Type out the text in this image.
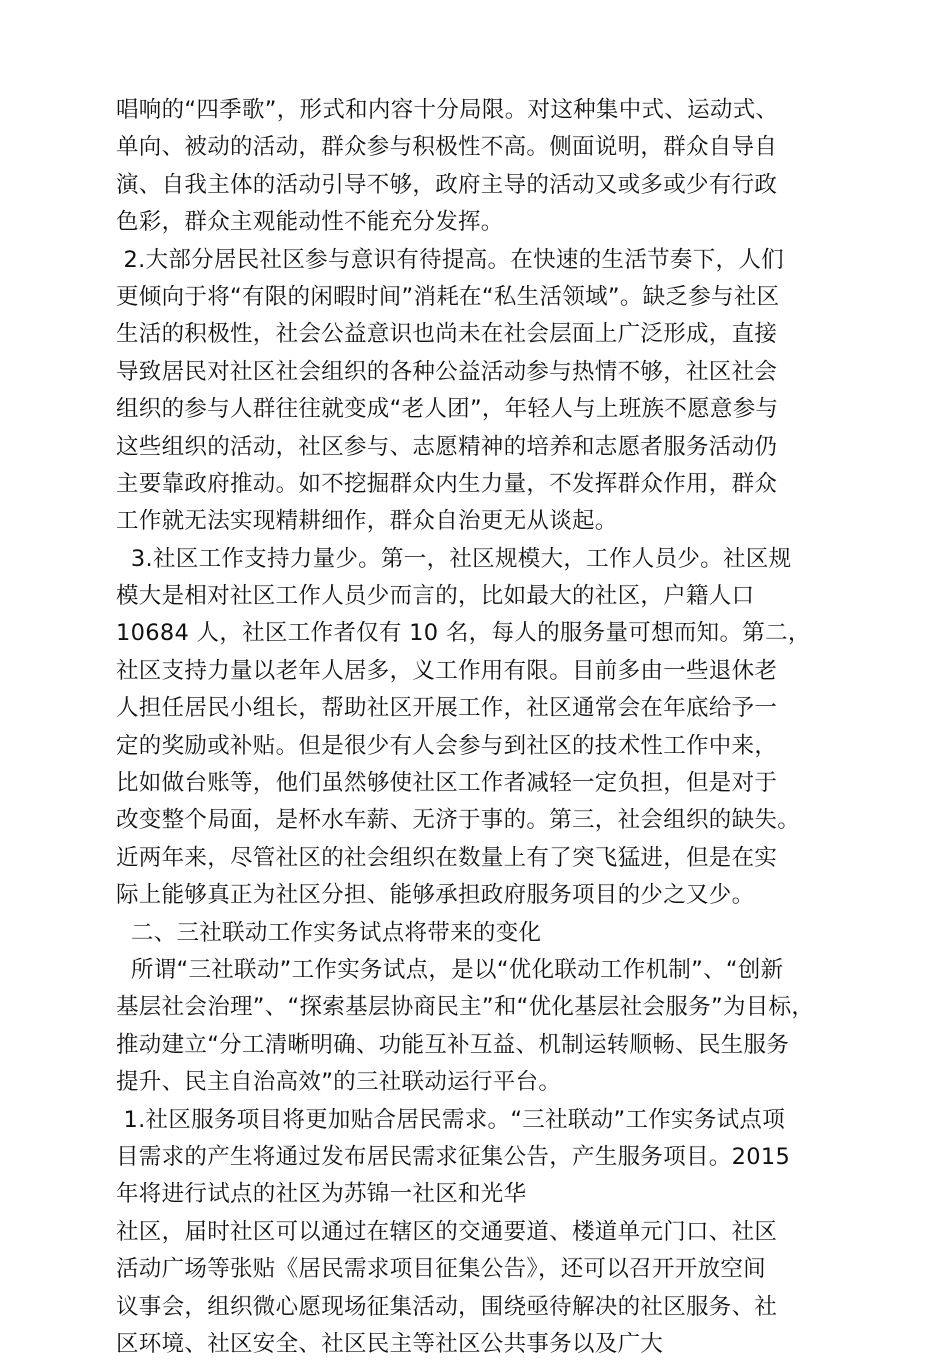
唱响的“四季歌”，形式和内容十分局限。对这种集中式、运动式、
单向、被动的活动，群众参与积极性不高。侧面说明，群众自导自
演、自我主体的活动引导不够，政府主导的活动又或多或少有行政
色彩，群众主观能动性不能充分发挥。
2.大部分居民社区参与意识有待提高。在快速的生活节奏下，人们
更倾向于将“有限的闲暇时间”消耗在“私生活领域”。缺乏参与社区
生活的积极性，社会公益意识也尚未在社会层面上广泛形成，直接
导致居民对社区社会组织的各种公益活动参与热情不够，社区社会
组织的参与人群往往就变成“老人团”，年轻人与上班族不愿意参与
这些组织的活动，社区参与、志愿精神的培养和志愿者服务活动仍
主要靠政府推动。如不挖掘群众内生力量，不发挥群众作用，群众
工作就无法实现精耕细作，群众自治更无从谈起。
3.社区工作支持力量少。第一，社区规模大，工作人员少。社区规
模大是相对社区工作人员少而言的，比如最大的社区，户籍人口
10684 人，社区工作者仅有 10 名，每人的服务量可想而知。第二，
社区支持力量以老年人居多，义工作用有限。目前多由一些退休老
人担任居民小组长，帮助社区开展工作，社区通常会在年底给予一
定的奖励或补贴。但是很少有人会参与到社区的技术性工作中来，
比如做台账等，他们虽然够使社区工作者减轻一定负担，但是对于
改变整个局面，是杯水车薪、无济于事的。第三，社会组织的缺失。
近两年来，尽管社区的社会组织在数量上有了突飞猛进，但是在实
际上能够真正为社区分担、能够承担政府服务项目的少之又少。
二、三社联动工作实务试点将带来的变化
所谓“三社联动”工作实务试点，是以“优化联动工作机制”、“创新
基层社会治理”、“探索基层协商民主”和“优化基层社会服务”为目标，
推动建立“分工清晰明确、功能互补互益、机制运转顺畅、民生服务
提升、民主自治高效”的三社联动运行平台。
1.社区服务项目将更加贴合居民需求。“三社联动”工作实务试点项
目需求的产生将通过发布居民需求征集公告，产生服务项目。2015
年将进行试点的社区为苏锦一社区和光华
社区，届时社区可以通过在辖区的交通要道、楼道单元门口、社区
活动广场等张贴《居民需求项目征集公告》，还可以召开开放空间
议事会，组织微心愿现场征集活动，围绕亟待解决的社区服务、社
区环境、社区安全、社区民主等社区公共事务以及广大
